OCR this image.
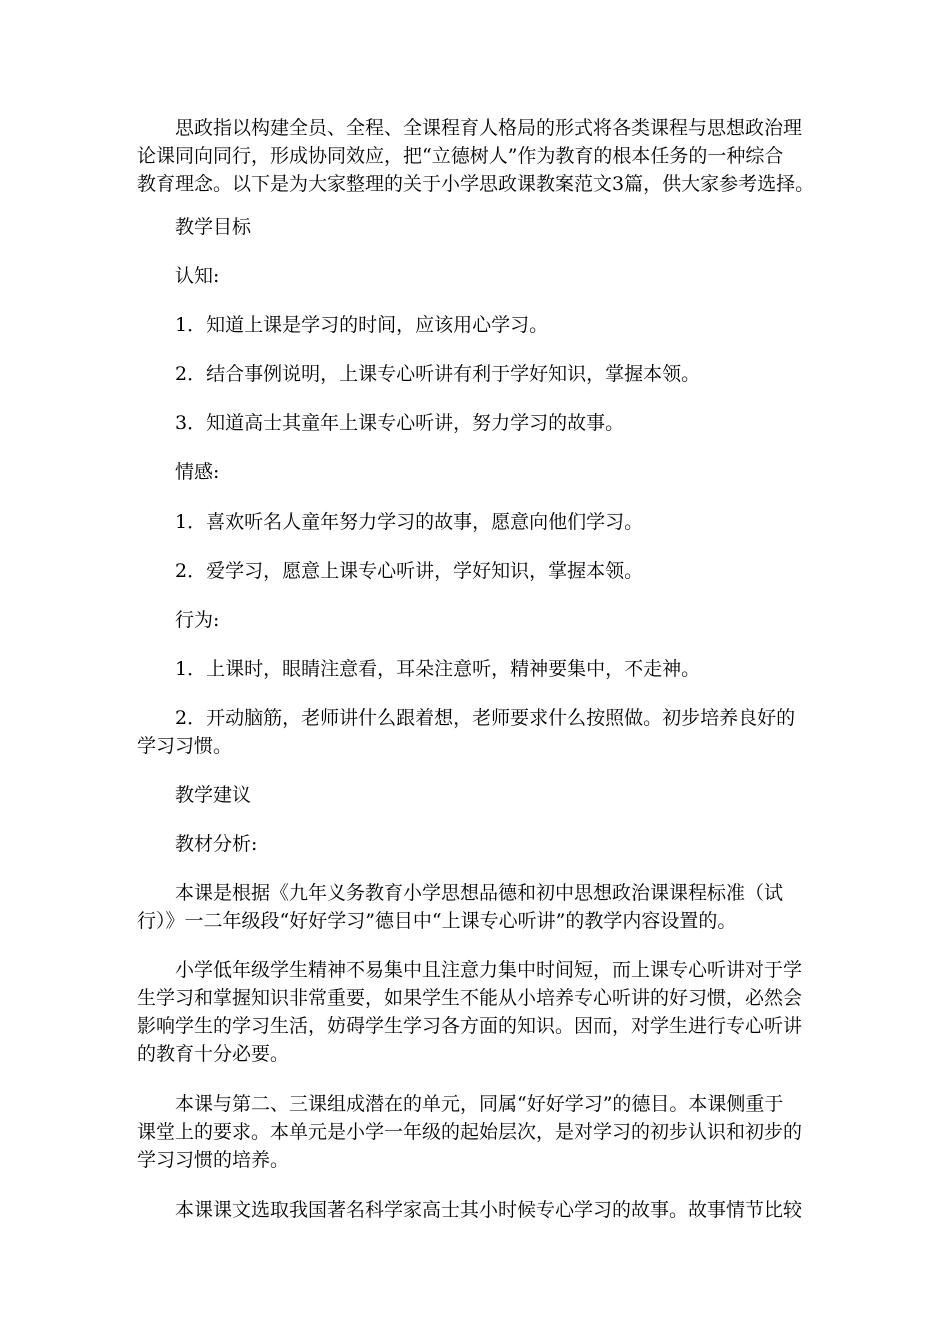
思政指以构建全员、全程、全课程育人格局的形式将各类课程与思想政治理
论课同向同行，形成协同效应，把“立德树人”作为教育的根本任务的一种综合
教育理念。以下是为大家整理的关于小学思政课教案范文3篇，供大家参考选择。
教学目标
认知:
1．知道上课是学习的时间，应该用心学习。
2．结合事例说明，上课专心听讲有利于学好知识，掌握本领。
3．知道高士其童年上课专心听讲，努力学习的故事。
情感:
1．喜欢听名人童年努力学习的故事，愿意向他们学习。
2．爱学习，愿意上课专心听讲，学好知识，掌握本领。
行为:
1．上课时，眼睛注意看，耳朵注意听，精神要集中，不走神。
2．开动脑筋，老师讲什么跟着想，老师要求什么按照做。初步培养良好的
学习习惯。
教学建议
教材分析:
本课是根据《九年义务教育小学思想品德和初中思想政治课课程标准（试
行）》一二年级段“好好学习”德目中“上课专心听讲”的教学内容设置的。
小学低年级学生精神不易集中且注意力集中时间短，而上课专心听讲对于学
生学习和掌握知识非常重要，如果学生不能从小培养专心听讲的好习惯，必然会
影响学生的学习生活，妨碍学生学习各方面的知识。因而，对学生进行专心听讲
的教育十分必要。
本课与第二、三课组成潜在的单元，同属“好好学习”的德目。本课侧重于
课堂上的要求。本单元是小学一年级的起始层次，是对学习的初步认识和初步的
学习习惯的培养。
本课课文选取我国著名科学家高士其小时候专心学习的故事。故事情节比较
